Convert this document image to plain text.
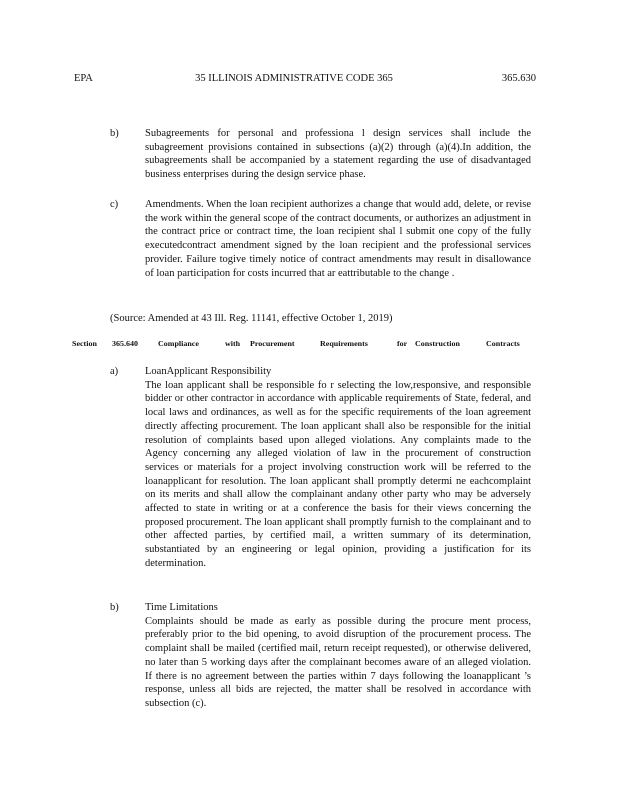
EPA	35 ILLINOIS ADMINISTRATIVE CODE 365	365.630
b)	Subagreements for personal and professiona l design services shall include the subagreement provisions contained in subsections (a)(2) through (a)(4).In addition, the subagreements shall be accompanied by a statement regarding the use of disadvantaged business enterprises during the design service phase.
c)	Amendments. When the loan recipient authorizes a change that would add, delete, or revise the work within the general scope of the contract documents, or authorizes an adjustment in the contract price or contract time, the loan recipient shal l submit one copy of the fully executedcontract amendment signed by the loan recipient and the professional services provider. Failure togive timely notice of contract amendments may result in disallowance of loan participation for costs incurred that ar eattributable to the change .
(Source: Amended at 43 Ill. Reg. 11141, effective October 1, 2019)
Section 365.640	Compliance	with Procurement	Requirements	for Construction	Contracts
a)	LoanApplicant Responsibility
The loan applicant shall be responsible fo r selecting the low,responsive, and responsible bidder or other contractor in accordance with applicable requirements of State, federal, and local laws and ordinances, as well as for the specific requirements of the loan agreement directly affecting procurement. The loan applicant shall also be responsible for the initial resolution of complaints based upon alleged violations. Any complaints made to the Agency concerning any alleged violation of law in the procurement of construction services or materials for a project involving construction work will be referred to the loanapplicant for resolution. The loan applicant shall promptly determi ne eachcomplaint on its merits and shall allow the complainant andany other party who may be adversely affected to state in writing or at a conference the basis for their views concerning the proposed procurement. The loan applicant shall promptly furnish to the complainant and to other affected parties, by certified mail, a written summary of its determination, substantiated by an engineering or legal opinion, providing a justification for its determination.
b)	Time Limitations
Complaints should be made as early as possible during the procure ment process, preferably prior to the bid opening, to avoid disruption of the procurement process. The complaint shall be mailed (certified mail, return receipt requested), or otherwise delivered, no later than 5 working days after the complainant becomes aware of an alleged violation. If there is no agreement between the parties within 7 days following the loanapplicant ’s response, unless all bids are rejected, the matter shall be resolved in accordance with subsection (c).
